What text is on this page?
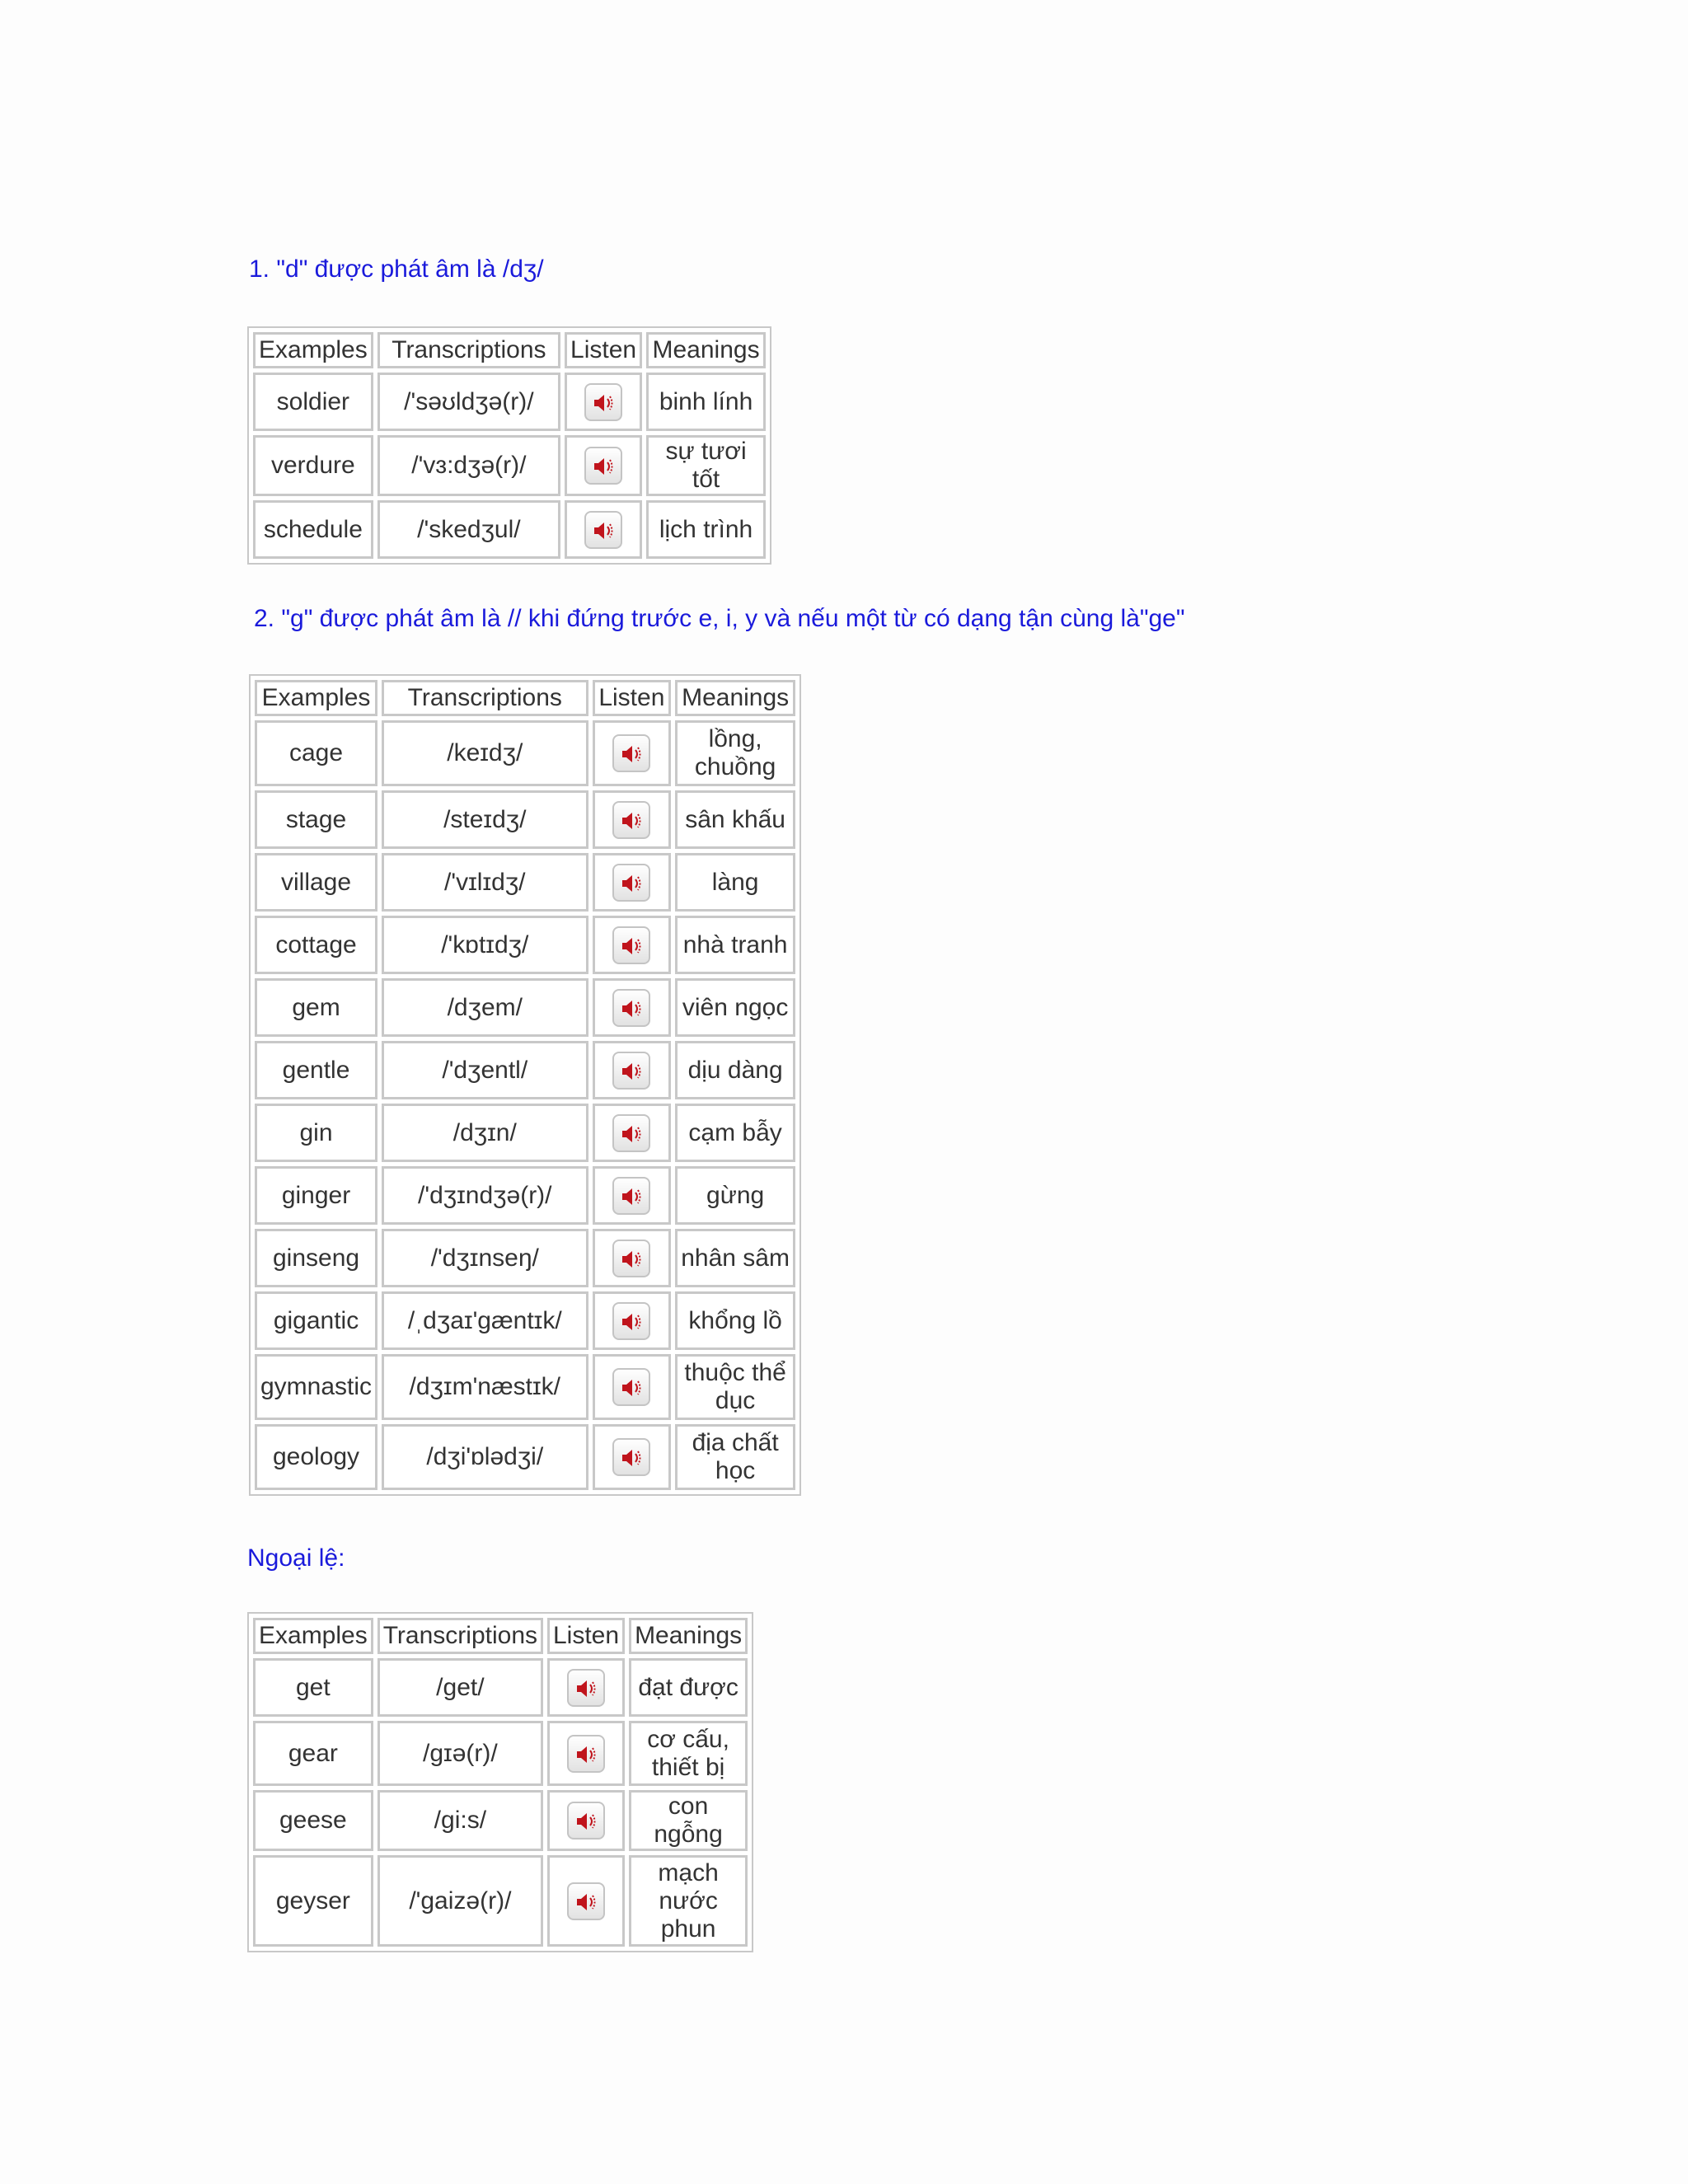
1. "d" được phát âm là /dʒ/
Examples	Transcriptions	Listen	Meanings
soldier	/'səʊldʒə(r)/		binh lính
verdure	/'vɜ:dʒə(r)/		sự tươi tốt
schedule	/'skedʒul/		lịch trình
2. "g" được phát âm là // khi đứng trước e, i, y và nếu một từ có dạng tận cùng là"ge"
Examples	Transcriptions	Listen	Meanings
cage	/keɪdʒ/		lồng, chuồng
stage	/steɪdʒ/		sân khấu
village	/'vɪlɪdʒ/		làng
cottage	/'kɒtɪdʒ/		nhà tranh
gem	/dʒem/		viên ngọc
gentle	/'dʒentl/		dịu dàng
gin	/dʒɪn/		cạm bẫy
ginger	/'dʒɪndʒə(r)/		gừng
ginseng	/'dʒɪnseŋ/		nhân sâm
gigantic	/ˌdʒaɪ'gæntɪk/		khổng lồ
gymnastic	/dʒɪm'næstɪk/		thuộc thể dục
geology	/dʒi'ɒlədʒi/		địa chất học
Ngoại lệ:
Examples	Transcriptions	Listen	Meanings
get	/get/		đạt được
gear	/gɪə(r)/		cơ cấu, thiết bị
geese	/gi:s/		con ngỗng
geyser	/'gaizə(r)/		mạch nước phun
